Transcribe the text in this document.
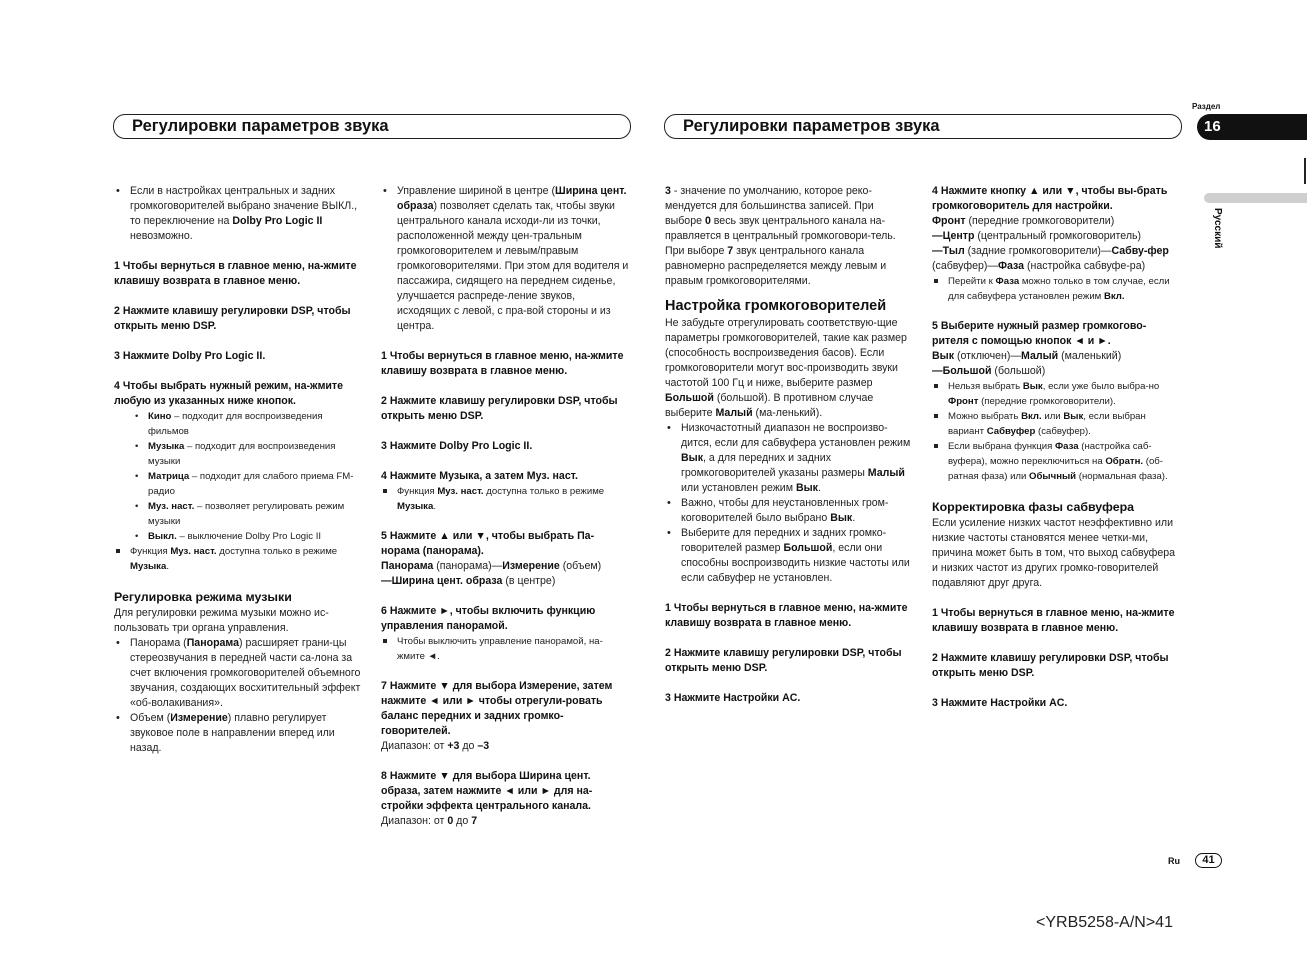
Регулировки параметров звука	Регулировки параметров звука
Раздел
16
Русский

• Если в настройках центральных и задних громкоговорителей выбрано значение ВЫКЛ., то переключение на Dolby Pro Logic II невозможно.

1 Чтобы вернуться в главное меню, на-жмите клавишу возврата в главное меню.

2 Нажмите клавишу регулировки DSP, чтобы открыть меню DSP.

3 Нажмите Dolby Pro Logic II.

4 Чтобы выбрать нужный режим, на-жмите любую из указанных ниже кнопок.

• Кино – подходит для воспроизведения фильмов

• Музыка – подходит для воспроизведения музыки

• Матрица – подходит для слабого приема FM-радио

• Муз. наст. – позволяет регулировать режим музыки

• Выкл. – выключение Dolby Pro Logic II

Функция Муз. наст. доступна только в режиме Музыка.

Регулировка режима музыки

Для регулировки режима музыки можно ис-пользовать три органа управления.

• Панорама (Панорама) расширяет грани-цы стереозвучания в передней части са-лона за счет включения громкоговорителей объемного звучания, создающих восхитительный эффект «об-волакивания».

• Объем (Измерение) плавно регулирует звуковое поле в направлении вперед или назад.

• Управление шириной в центре (Ширина цент. образа) позволяет сделать так, чтобы звуки центрального канала исходи-ли из точки, расположенной между цен-тральным громкоговорителем и левым/правым громкоговорителями. При этом для водителя и пассажира, сидящего на переднем сиденье, улучшается распреде-ление звуков, исходящих с левой, с пра-вой стороны и из центра.

1 Чтобы вернуться в главное меню, на-жмите клавишу возврата в главное меню.

2 Нажмите клавишу регулировки DSP, чтобы открыть меню DSP.

3 Нажмите Dolby Pro Logic II.

4 Нажмите Музыка, а затем Муз. наст.

Функция Муз. наст. доступна только в режиме Музыка.

5 Нажмите ▲ или ▼, чтобы выбрать Па-норама (панорама).

Панорама (панорама)—Измерение (объем)
—Ширина цент. образа (в центре)

6 Нажмите ►, чтобы включить функцию управления панорамой.

Чтобы выключить управление панорамой, на-жмите ◄.

7 Нажмите ▼ для выбора Измерение, затем нажмите ◄ или ► чтобы отрегули-ровать баланс передних и задних громко-говорителей.

Диапазон: от +3 до –3

8 Нажмите ▼ для выбора Ширина цент. образа, затем нажмите ◄ или ► для на-стройки эффекта центрального канала.

Диапазон: от 0 до 7

3 - значение по умолчанию, которое реко-мендуется для большинства записей. При выборе 0 весь звук центрального канала на-правляется в центральный громкоговори-тель. При выборе 7 звук центрального канала равномерно распределяется между левым и правым громкоговорителями.

Настройка громкоговорителей

Не забудьте отрегулировать соответствую-щие параметры громкоговорителей, такие как размер (способность воспроизведения басов). Если громкоговорители могут вос-производить звуки частотой 100 Гц и ниже, выберите размер Большой (большой). В противном случае выберите Малый (ма-ленький).

• Низкочастотный диапазон не воспроизво-дится, если для сабвуфера установлен режим Вык, а для передних и задних громкоговорителей указаны размеры Малый или установлен режим Вык.

• Важно, чтобы для неустановленных гром-коговорителей было выбрано Вык.

• Выберите для передних и задних громко-говорителей размер Большой, если они способны воспроизводить низкие частоты или если сабвуфер не установлен.

1 Чтобы вернуться в главное меню, на-жмите клавишу возврата в главное меню.

2 Нажмите клавишу регулировки DSP, чтобы открыть меню DSP.

3 Нажмите Настройки AC.

4 Нажмите кнопку ▲ или ▼, чтобы вы-брать громкоговоритель для настройки.

Фронт (передние громкоговорители)
—Центр (центральный громкоговоритель)
—Тыл (задние громкоговорители)—Сабву-фер (сабвуфер)—Фаза (настройка сабвуфе-ра)

Перейти к Фаза можно только в том случае, если для сабвуфера установлен режим Вкл.

5 Выберите нужный размер громкогово-рителя с помощью кнопок ◄ и ►.

Вык (отключен)—Малый (маленький)
—Большой (большой)

Нельзя выбрать Вык, если уже было выбра-но Фронт (передние громкоговорители).

Можно выбрать Вкл. или Вык, если выбран вариант Сабвуфер (сабвуфер).

Если выбрана функция Фаза (настройка саб-вуфера), можно переключиться на Обратн. (об-ратная фаза) или Обычный (нормальная фаза).

Корректировка фазы сабвуфера

Если усиление низких частот неэффективно или низкие частоты становятся менее четки-ми, причина может быть в том, что выход сабвуфера и низких частот из других громко-говорителей подавляют друг друга.

1 Чтобы вернуться в главное меню, на-жмите клавишу возврата в главное меню.

2 Нажмите клавишу регулировки DSP, чтобы открыть меню DSP.

3 Нажмите Настройки AC.

Ru	41
<YRB5258-A/N>41
